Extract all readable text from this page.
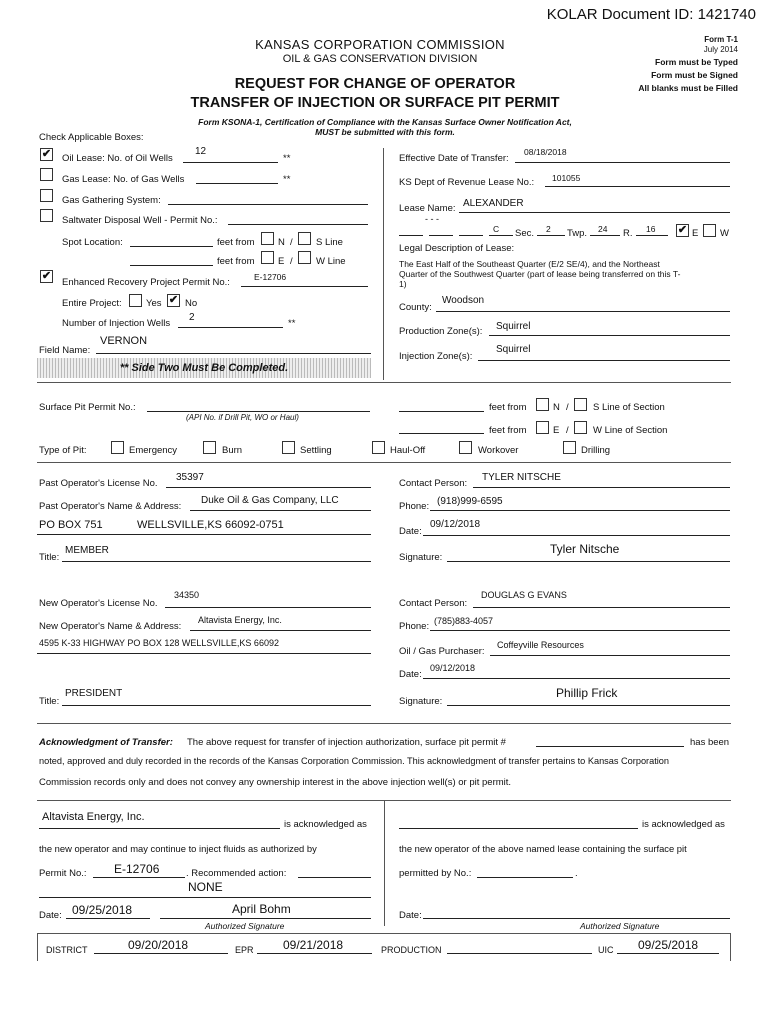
KOLAR Document ID: 1421740
KANSAS CORPORATION COMMISSION
OIL & GAS CONSERVATION DIVISION
REQUEST FOR CHANGE OF OPERATOR
TRANSFER OF INJECTION OR SURFACE PIT PERMIT
Form KSONA-1, Certification of Compliance with the Kansas Surface Owner Notification Act,
MUST be submitted with this form.
Form T-1
July 2014
Form must be Typed
Form must be Signed
All blanks must be Filled
Check Applicable Boxes:
✔ Oil Lease: No. of Oil Wells
12
**
Gas Lease: No. of Gas Wells	**
Gas Gathering System:
Saltwater Disposal Well - Permit No.:
Spot Location:	feet from N / S Line
feet from E / W Line
✔
Enhanced Recovery Project Permit No.:	E-12706
Entire Project:	Yes ✔ No
Number of Injection Wells
2
**
Field Name:
VERNON
** Side Two Must Be Completed.
Effective Date of Transfer:
08/18/2018
KS Dept of Revenue Lease No.: 101055
Lease Name: ALEXANDER
- - -
C Sec. 2 Twp. 24 R. 16 ✔ E W
Legal Description of Lease:
The East Half of the Southeast Quarter (E/2 SE/4), and the Northeast
Quarter of the Southwest Quarter (part of lease being transferred on this T-
1)
County:
Woodson
Production Zone(s): Squirrel
Injection Zone(s):
Squirrel
Surface Pit Permit No.:
(API No. if Drill Pit, WO or Haul)
feet from	N /	S Line of Section
feet from	E /	W Line of Section
Type of Pit:	Emergency	Burn	Settling	Haul-Off	Workover	Drilling
Past Operator's License No.
35397
Past Operator's Name & Address:
Duke Oil & Gas Company, LLC
PO BOX 751	WELLSVILLE,KS 66092-0751
Title:
MEMBER
Contact Person:
TYLER NITSCHE
Phone: (918)999-6595
Date:
09/12/2018
Signature:
Tyler Nitsche
New Operator's License No.
34350
New Operator's Name & Address:
Altavista Energy, Inc.
4595 K-33 HIGHWAY PO BOX 128 WELLSVILLE,KS 66092
Title:
PRESIDENT
Contact Person:
DOUGLAS G EVANS
Phone: (785)883-4057
Oil / Gas Purchaser:
Coffeyville Resources
Date:
09/12/2018
Signature:
Phillip Frick
Acknowledgment of Transfer: The above request for transfer of injection authorization, surface pit permit #	has been
noted, approved and duly recorded in the records of the Kansas Corporation Commission. This acknowledgment of transfer pertains to Kansas Corporation
Commission records only and does not convey any ownership interest in the above injection well(s) or pit permit.
Altavista Energy, Inc.
is acknowledged as
the new operator and may continue to inject fluids as authorized by
Permit No.: E-12706	. Recommended action:
NONE
Date: 09/25/2018	April Bohm
Authorized Signature
is acknowledged as
the new operator of the above named lease containing the surface pit
permitted by No.:	.
Date:
Authorized Signature
DISTRICT	09/20/2018	EPR 09/21/2018	PRODUCTION	UIC 09/25/2018
